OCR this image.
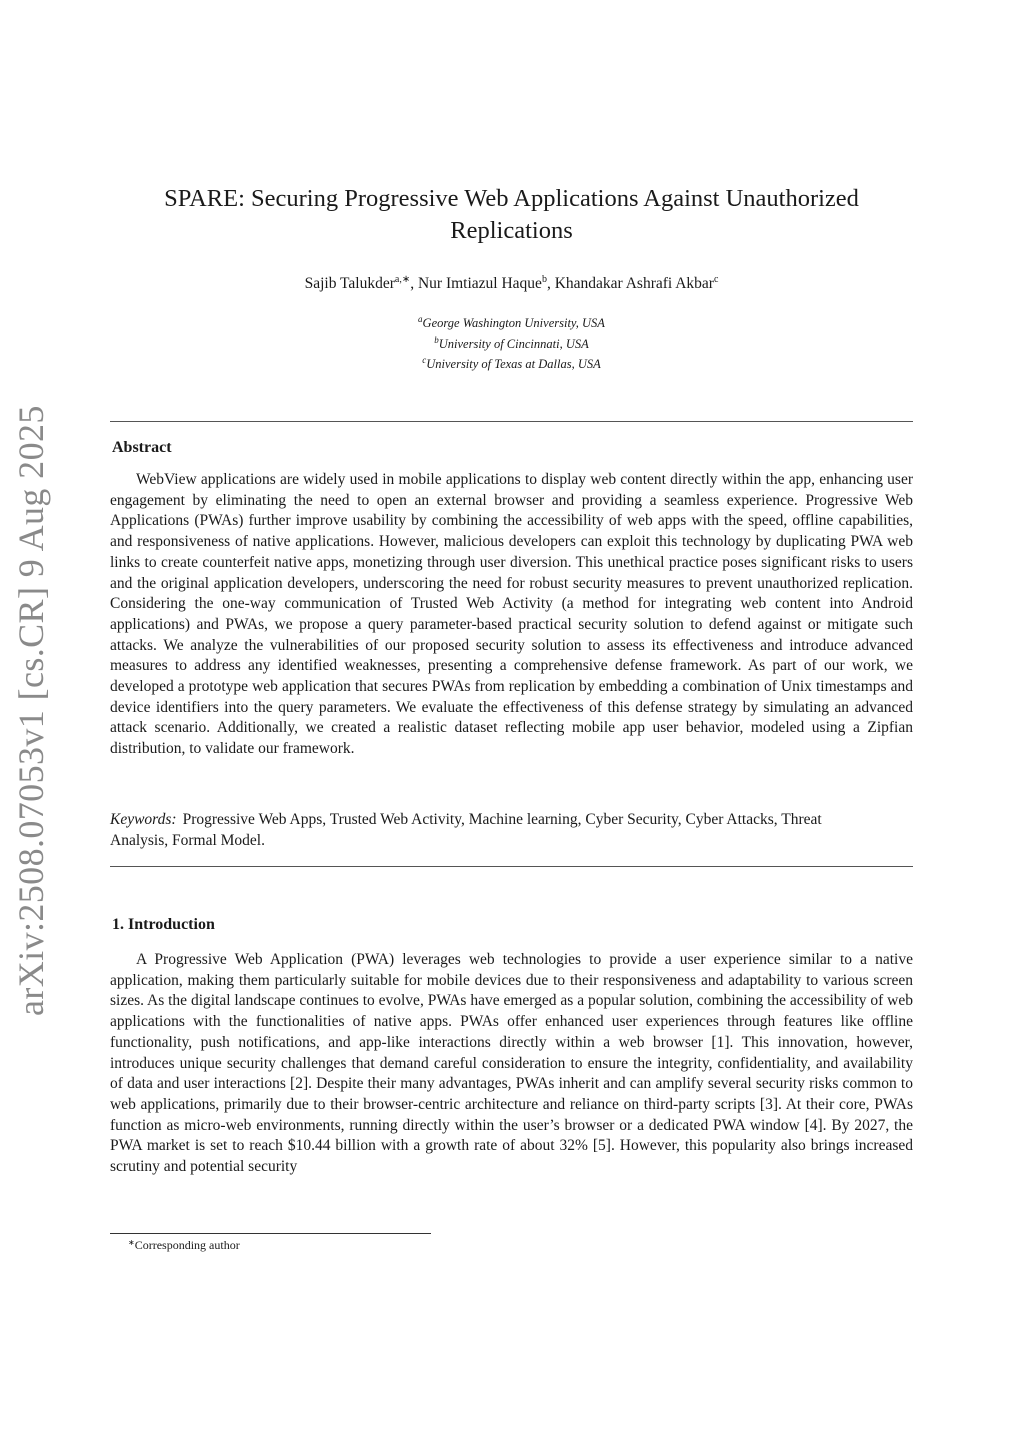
arXiv:2508.07053v1 [cs.CR] 9 Aug 2025
SPARE: Securing Progressive Web Applications Against Unauthorized Replications
Sajib Talukder$^{a,∗}$, Nur Imtiazul Haque$^b$, Khandakar Ashrafi Akbar$^c$
$^a$George Washington University, USA
$^b$University of Cincinnati, USA
$^c$University of Texas at Dallas, USA
Abstract
WebView applications are widely used in mobile applications to display web content directly within the app, enhancing user engagement by eliminating the need to open an external browser and providing a seamless experience. Progressive Web Applications (PWAs) further improve usability by combining the accessibility of web apps with the speed, offline capabilities, and responsiveness of native applications. However, malicious developers can exploit this technology by duplicating PWA web links to create counterfeit native apps, monetizing through user diversion. This unethical practice poses significant risks to users and the original application developers, underscoring the need for robust security measures to prevent unauthorized replication. Considering the one-way communication of Trusted Web Activity (a method for integrating web content into Android applications) and PWAs, we propose a query parameter-based practical security solution to defend against or mitigate such attacks. We analyze the vulnerabilities of our proposed security solution to assess its effectiveness and introduce advanced measures to address any identified weaknesses, presenting a comprehensive defense framework. As part of our work, we developed a prototype web application that secures PWAs from replication by embedding a combination of Unix timestamps and device identifiers into the query parameters. We evaluate the effectiveness of this defense strategy by simulating an advanced attack scenario. Additionally, we created a realistic dataset reflecting mobile app user behavior, modeled using a Zipfian distribution, to validate our framework.
Keywords: Progressive Web Apps, Trusted Web Activity, Machine learning, Cyber Security, Cyber Attacks, Threat Analysis, Formal Model.
1. Introduction
A Progressive Web Application (PWA) leverages web technologies to provide a user experience similar to a native application, making them particularly suitable for mobile devices due to their responsiveness and adaptability to various screen sizes. As the digital landscape continues to evolve, PWAs have emerged as a popular solution, combining the accessibility of web applications with the functionalities of native apps. PWAs offer enhanced user experiences through features like offline functionality, push notifications, and app-like interactions directly within a web browser [1]. This innovation, however, introduces unique security challenges that demand careful consideration to ensure the integrity, confidentiality, and availability of data and user interactions [2]. Despite their many advantages, PWAs inherit and can amplify several security risks common to web applications, primarily due to their browser-centric architecture and reliance on third-party scripts [3]. At their core, PWAs function as micro-web environments, running directly within the user’s browser or a dedicated PWA window [4]. By 2027, the PWA market is set to reach $10.44 billion with a growth rate of about 32% [5]. However, this popularity also brings increased scrutiny and potential security
∗Corresponding author
